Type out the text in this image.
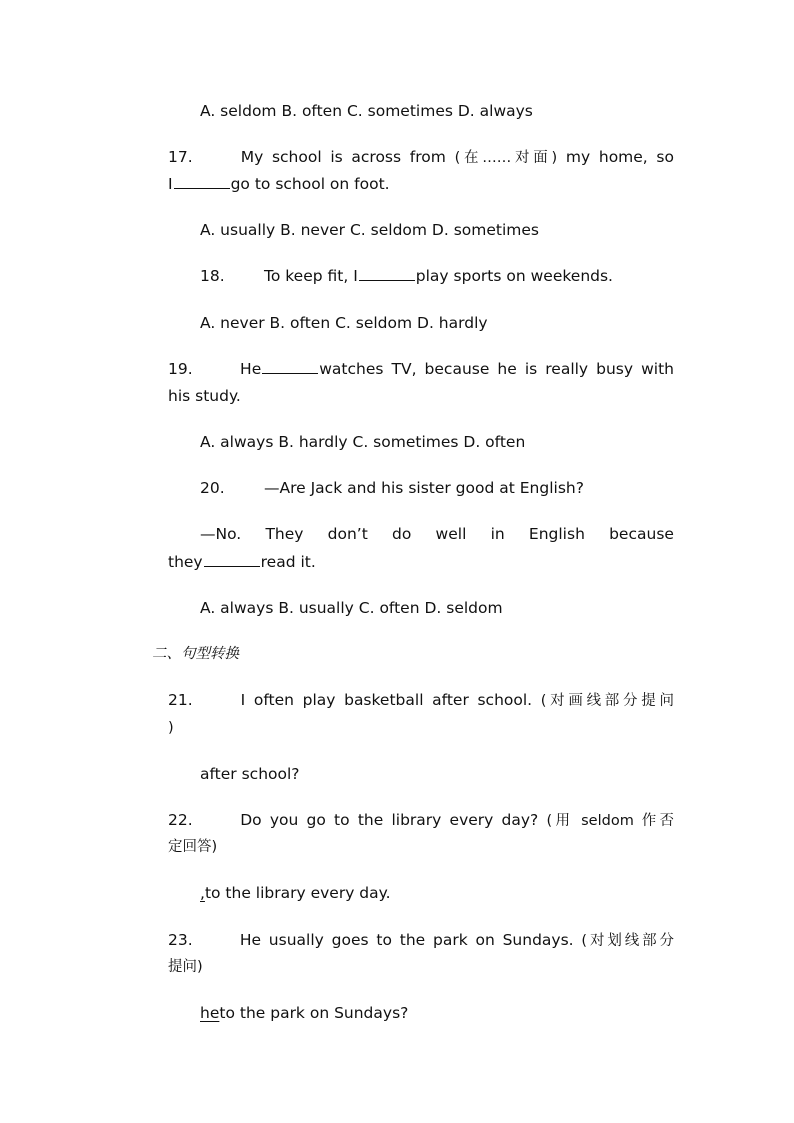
A. seldom B. often C. sometimes D. always
17.	My school is across from (在……对面) my home, so
I	go to school on foot.
A. usually B. never C. seldom D. sometimes
18.	To keep fit, I	play sports on weekends.
A. never B. often C. seldom D. hardly
19.	He	watches TV, because he is really busy with
his study.
A. always B. hardly C. sometimes D. often
20.	—Are Jack and his sister good at English?
—No. They don’t do well in English because
they	read it.
A. always B. usually C. often D. seldom
二、句型转换
21.	I often play basketball after school. (对画线部分提问
)
after school?
22.	Do you go to the library every day? (用 seldom 作否
定回答)
,to the library every day.
23.	He usually goes to the park on Sundays. (对划线部分
提问)
heto the park on Sundays?
